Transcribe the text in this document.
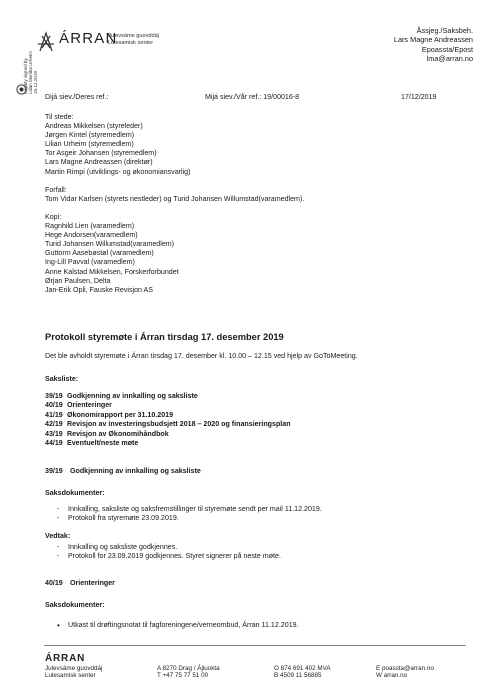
Lagalty signed by Lilian Monika Urheim 19.12.2019
ÁRRAN
Julevsáme guovddáj
Lulesamisk senter
Åssjeg./Saksbeh.
Lars Magne Andreassen
Epoassta/Epost
lma@arran.no
Dijá siev./Deres ref.:	Mijá siev./Vår ref.: 19/00016-8	17/12/2019
Til stede:
Andreas Mikkelsen (styreleder)
Jørgen Kintel (styremedlem)
Lilian Urheim (styremedlem)
Tor Asgeir Johansen (styremedlem)
Lars Magne Andreassen (direktør)
Martin Rimpi (utviklings- og økonomiansvarlig)
Forfall:
Tom Vidar Karlsen (styrets nestleder) og Turid Johansen Willumstad(varamedlem).
Kopi:
Ragnhild Lien (varamedlem)
Hege Andorsen(varamedlem)
Turid Johansen Willumstad(varamedlem)
Guttorm Aasebøstøl (varamedlem)
Ing-Lill Pavval (varamedlem)
Anne Kalstad Mikkelsen, Forskerforbundet
Ørjan Paulsen, Delta
Jan-Erik Opli, Fauske Revisjon AS
Protokoll styremøte i Árran tirsdag 17. desember 2019
Det ble avholdt styremøte i Árran tirsdag 17. desember kl. 10.00 – 12.15 ved hjelp av GoToMeeting.
Saksliste:
39/19 Godkjenning av innkalling og saksliste
40/19 Orienteringer
41/19 Økonomirapport per 31.10.2019
42/19 Revisjon av investeringsbudsjett 2018 – 2020 og finansieringsplan
43/19 Revisjon av Økonomihåndbok
44/19 Eventuelt/neste møte
39/19	Godkjenning av innkalling og saksliste
Saksdokumenter:
-	Innkalling, saksliste og saksfremstillinger til styremøte sendt per mail 11.12.2019.
-	Protokoll fra styremøte 23.09.2019.
Vedtak:
-	Innkalling og saksliste godkjennes.
-	Protokoll for 23.09.2019 godkjennes. Styret signerer på neste møte.
40/19	Orienteringer
Saksdokumenter:
•	Utkast til drøftingsnotat til fagforeningene/verneombud, Árran 11.12.2019.
ÁRRAN
Julevsáme guovddáj
Lulesamisk senter
A 8270 Drag / Ájluokta
T +47 75 77 51 00
O 874 691 402 MVA
B 4509 11 56885
E poassta@arran.no
W arran.no
